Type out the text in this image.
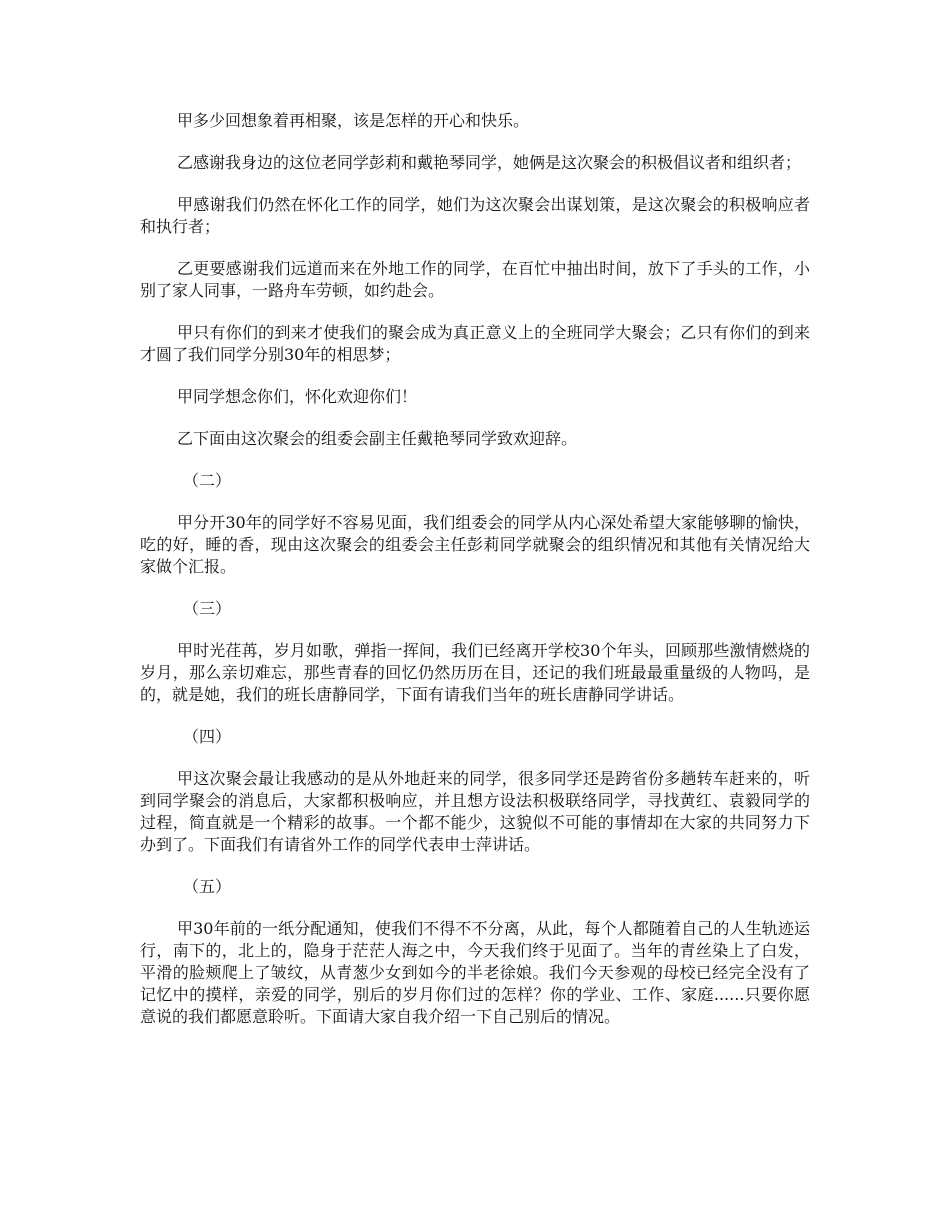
甲多少回想象着再相聚，该是怎样的开心和快乐。

乙感谢我身边的这位老同学彭莉和戴艳琴同学，她俩是这次聚会的积极倡议者和组织者；

甲感谢我们仍然在怀化工作的同学，她们为这次聚会出谋划策，是这次聚会的积极响应者和执行者；

乙更要感谢我们远道而来在外地工作的同学，在百忙中抽出时间，放下了手头的工作，小别了家人同事，一路舟车劳顿，如约赴会。

甲只有你们的到来才使我们的聚会成为真正意义上的全班同学大聚会；乙只有你们的到来才圆了我们同学分别30年的相思梦；

甲同学想念你们，怀化欢迎你们！

乙下面由这次聚会的组委会副主任戴艳琴同学致欢迎辞。

（二）

甲分开30年的同学好不容易见面，我们组委会的同学从内心深处希望大家能够聊的愉快，吃的好，睡的香，现由这次聚会的组委会主任彭莉同学就聚会的组织情况和其他有关情况给大家做个汇报。

（三）

甲时光荏苒，岁月如歌，弹指一挥间，我们已经离开学校30个年头，回顾那些激情燃烧的岁月，那么亲切难忘，那些青春的回忆仍然历历在目，还记的我们班最最重量级的人物吗，是的，就是她，我们的班长唐静同学，下面有请我们当年的班长唐静同学讲话。

（四）

甲这次聚会最让我感动的是从外地赶来的同学，很多同学还是跨省份多趟转车赶来的，听到同学聚会的消息后，大家都积极响应，并且想方设法积极联络同学，寻找黄红、袁毅同学的过程，简直就是一个精彩的故事。一个都不能少，这貌似不可能的事情却在大家的共同努力下办到了。下面我们有请省外工作的同学代表申士萍讲话。

（五）

甲30年前的一纸分配通知，使我们不得不不分离，从此，每个人都随着自己的人生轨迹运行，南下的，北上的，隐身于茫茫人海之中，今天我们终于见面了。当年的青丝染上了白发，平滑的脸颊爬上了皱纹，从青葱少女到如今的半老徐娘。我们今天参观的母校已经完全没有了记忆中的摸样，亲爱的同学，别后的岁月你们过的怎样？你的学业、工作、家庭......只要你愿意说的我们都愿意聆听。下面请大家自我介绍一下自己别后的情况。
